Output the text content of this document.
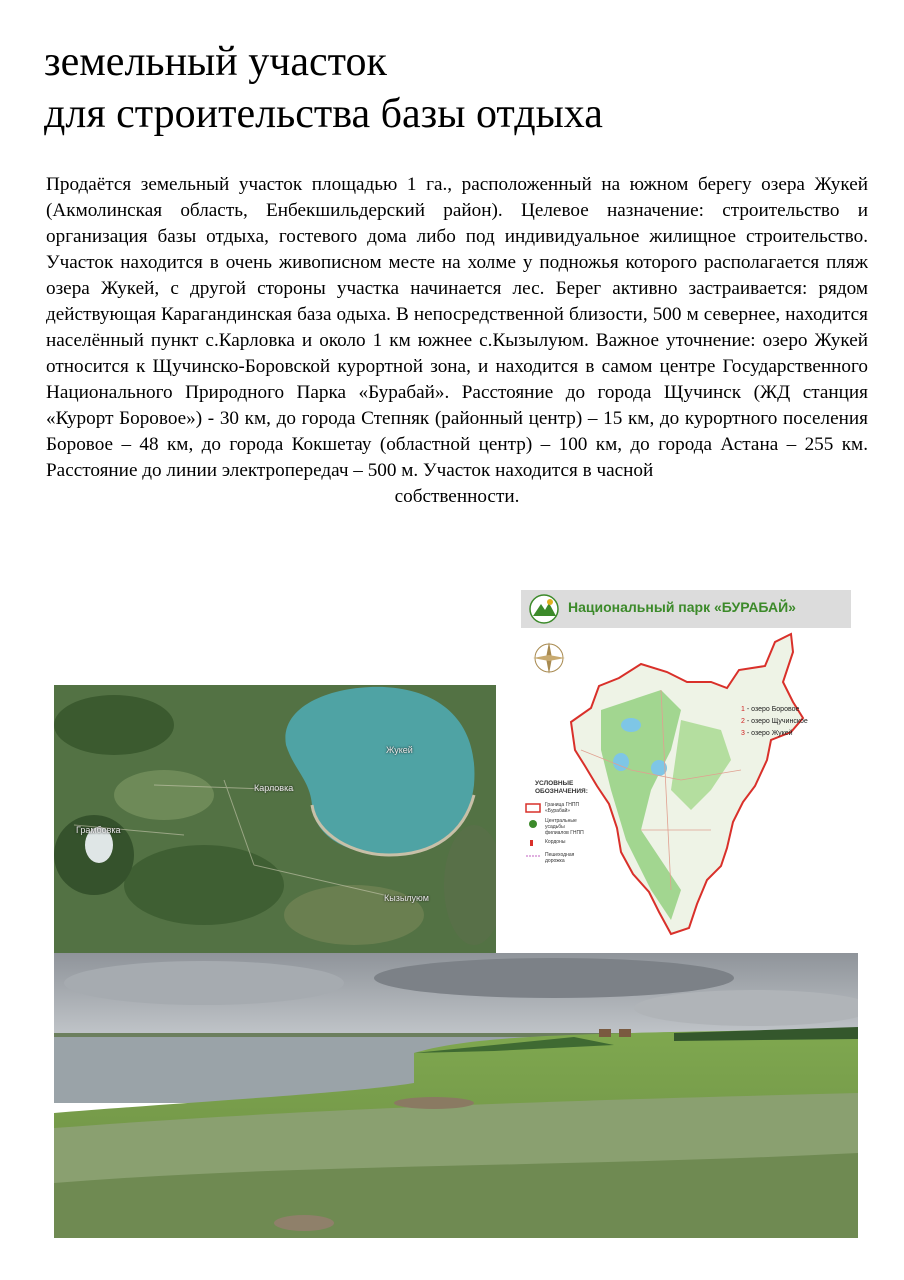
земельный участок
для строительства базы отдыха

Продаётся земельный участок площадью 1 га., расположенный на южном берегу озера Жукей (Акмолинская область, Енбекшильдерский район). Целевое назначение: строительство и организация базы отдыха, гостевого дома либо под индивидуальное жилищное строительство. Участок находится в очень живописном месте на холме у подножья которого располагается пляж озера Жукей, с другой стороны участка начинается лес. Берег активно застраивается: рядом действующая Карагандинская база одыха. В непосредственной близости, 500 м севернее, находится населённый пункт с.Карловка и около 1 км южнее с.Кызылуюм. Важное уточнение: озеро Жукей относится к Щучинско-Боровской курортной зона, и находится в самом центре Государственного Национального Природного Парка «Бурабай». Расстояние до города Щучинск (ЖД станция «Курорт Боровое») - 30 км, до города Степняк (районный центр) – 15 км, до курортного поселения Боровое – 48 км, до города Кокшетау (областной центр) – 100 км, до города Астана – 255 км. Расстояние до линии электропередач – 500 м. Участок находится в часной
собственности.

Жукей
Карловка
Грамбовка
Кызылуюм
Национальный парк «БУРАБАЙ»
1 - озеро Боровое
2 - озеро Щучинское
3 - озеро Жукей
УСЛОВНЫЕ
ОБОЗНАЧЕНИЯ:
Граница ГНПП «Бурабай»
Центральные усадьбы филиалов ГНПП
Кордоны
Пешеходная дорожка
